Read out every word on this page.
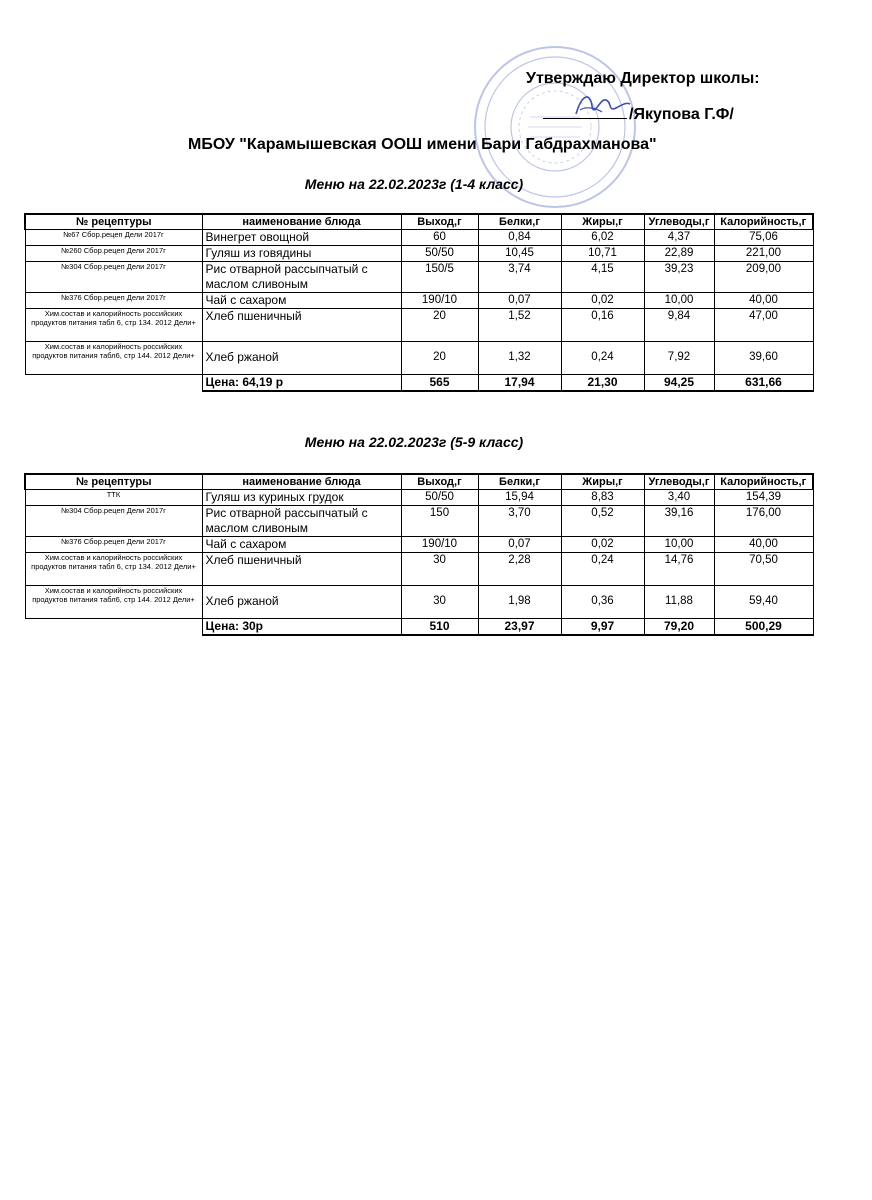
Утверждаю Директор школы:
/Якупова Г.Ф/
МБОУ "Карамышевская ООШ имени Бари Габдрахманова"
Меню на 22.02.2023г (1-4 класс)
№ рецептуры	наименование блюда	Выход,г	Белки,г	Жиры,г	Углеводы,г	Калорийность,г
№67 Сбор.рецеп Дели 2017г	Винегрет овощной	60	0,84	6,02	4,37	75,06
№260 Сбор.рецеп Дели 2017г	Гуляш из говядины	50/50	10,45	10,71	22,89	221,00
№304 Сбор.рецеп Дели 2017г	Рис отварной рассыпчатый с маслом сливоным	150/5	3,74	4,15	39,23	209,00
№376 Сбор.рецеп Дели 2017г	Чай с сахаром	190/10	0,07	0,02	10,00	40,00
Хим.состав и калорийность российских продуктов питания табл 6, стр 134. 2012 Дели+	Хлеб пшеничный	20	1,52	0,16	9,84	47,00
Хим.состав и калорийность российских продуктов питания табл6, стр 144. 2012 Дели+	Хлеб ржаной	20	1,32	0,24	7,92	39,60
	Цена: 64,19 р	565	17,94	21,30	94,25	631,66
Меню на 22.02.2023г (5-9 класс)
№ рецептуры	наименование блюда	Выход,г	Белки,г	Жиры,г	Углеводы,г	Калорийность,г
ТТК	Гуляш из куриных грудок	50/50	15,94	8,83	3,40	154,39
№304 Сбор.рецеп Дели 2017г	Рис отварной рассыпчатый с маслом сливоным	150	3,70	0,52	39,16	176,00
№376 Сбор.рецеп Дели 2017г	Чай с сахаром	190/10	0,07	0,02	10,00	40,00
Хим.состав и калорийность российских продуктов питания табл 6, стр 134. 2012 Дели+	Хлеб пшеничный	30	2,28	0,24	14,76	70,50
Хим.состав и калорийность российских продуктов питания табл6, стр 144. 2012 Дели+	Хлеб ржаной	30	1,98	0,36	11,88	59,40
	Цена: 30р	510	23,97	9,97	79,20	500,29
